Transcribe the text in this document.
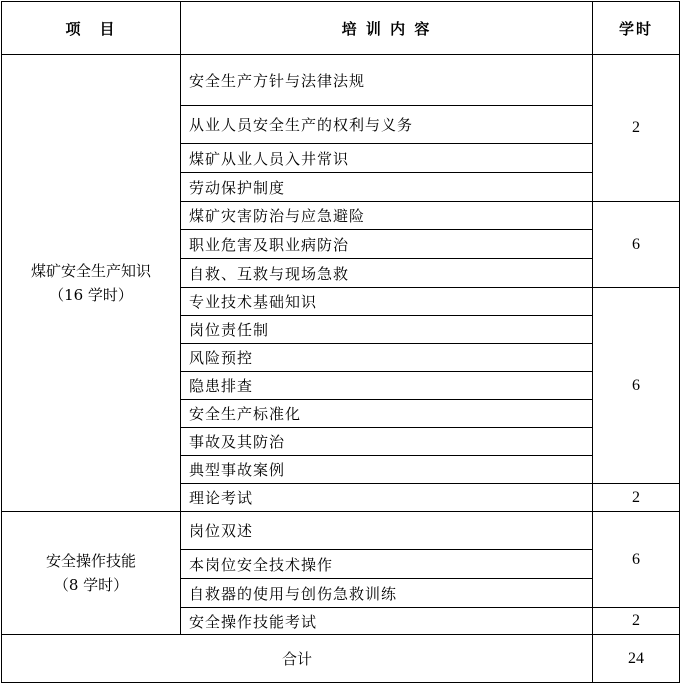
项　目	培 训 内 容	学时

煤矿安全生产知识
（16 学时）	安全生产方针与法律法规	2
	从业人员安全生产的权利与义务	
	煤矿从业人员入井常识	
	劳动保护制度	
	煤矿灾害防治与应急避险	6
	职业危害及职业病防治	
	自救、互救与现场急救	
	专业技术基础知识	6
	岗位责任制	
	风险预控	
	隐患排查	
	安全生产标准化	
	事故及其防治	
	典型事故案例	
	理论考试	2

安全操作技能
（8 学时）	岗位双述	6
	本岗位安全技术操作	
	自救器的使用与创伤急救训练	
	安全操作技能考试	2
合计		24
